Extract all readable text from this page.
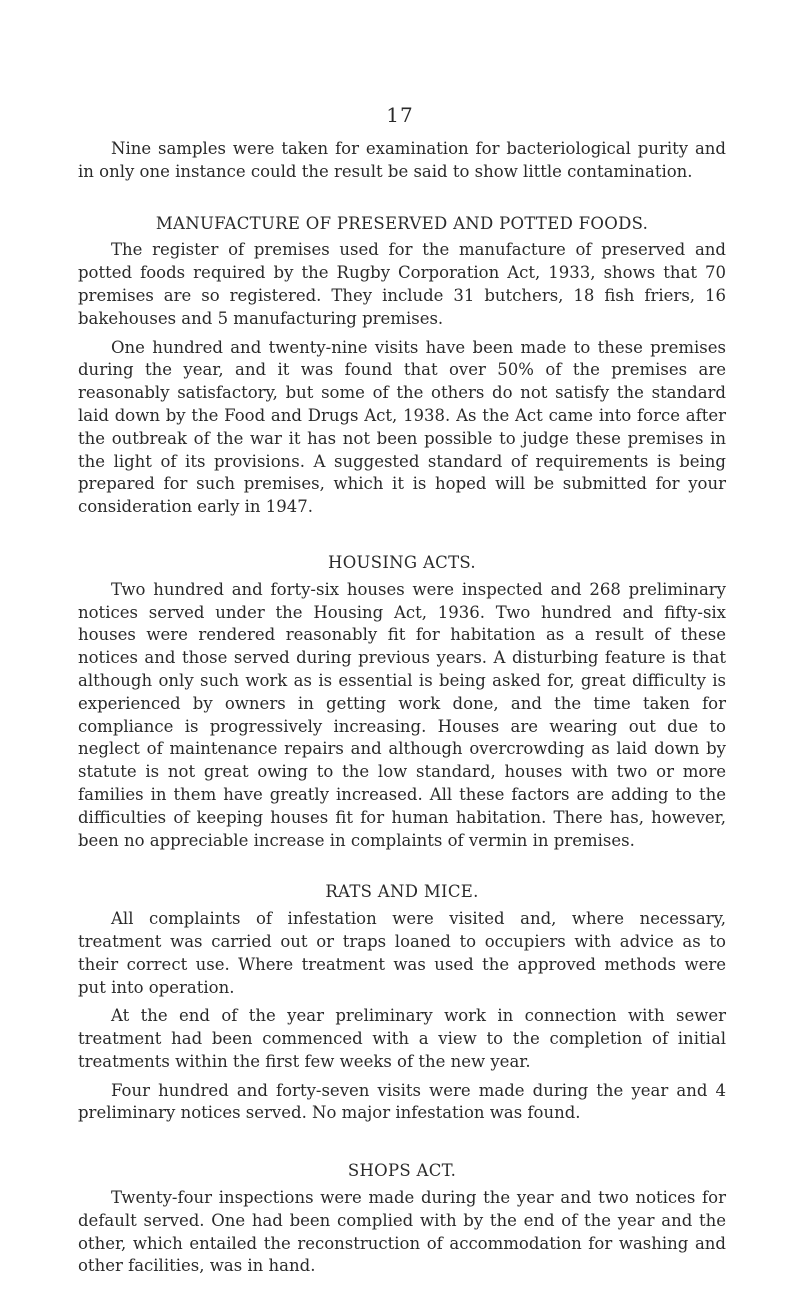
17

Nine samples were taken for examination for bacteriological purity and in only one instance could the result be said to show little contamination.

MANUFACTURE OF PRESERVED AND POTTED FOODS.

The register of premises used for the manufacture of preserved and potted foods required by the Rugby Corporation Act, 1933, shows that 70 premises are so registered. They include 31 butchers, 18 fish friers, 16 bakehouses and 5 manufacturing premises.

One hundred and twenty-nine visits have been made to these premises during the year, and it was found that over 50% of the premises are reasonably satisfactory, but some of the others do not satisfy the standard laid down by the Food and Drugs Act, 1938. As the Act came into force after the outbreak of the war it has not been possible to judge these premises in the light of its provisions. A suggested standard of requirements is being prepared for such premises, which it is hoped will be submitted for your consideration early in 1947.

HOUSING ACTS.

Two hundred and forty-six houses were inspected and 268 preliminary notices served under the Housing Act, 1936. Two hundred and fifty-six houses were rendered reasonably fit for habitation as a result of these notices and those served during previous years. A disturbing feature is that although only such work as is essential is being asked for, great difficulty is experienced by owners in getting work done, and the time taken for compliance is progressively increasing. Houses are wearing out due to neglect of maintenance repairs and although overcrowding as laid down by statute is not great owing to the low standard, houses with two or more families in them have greatly increased. All these factors are adding to the difficulties of keeping houses fit for human habitation. There has, however, been no appreciable increase in complaints of vermin in premises.

RATS AND MICE.

All complaints of infestation were visited and, where necessary, treatment was carried out or traps loaned to occupiers with advice as to their correct use. Where treatment was used the approved methods were put into operation.

At the end of the year preliminary work in connection with sewer treatment had been commenced with a view to the completion of initial treatments within the first few weeks of the new year.

Four hundred and forty-seven visits were made during the year and 4 preliminary notices served. No major infestation was found.

SHOPS ACT.

Twenty-four inspections were made during the year and two notices for default served. One had been complied with by the end of the year and the other, which entailed the reconstruction of accommodation for washing and other facilities, was in hand.
